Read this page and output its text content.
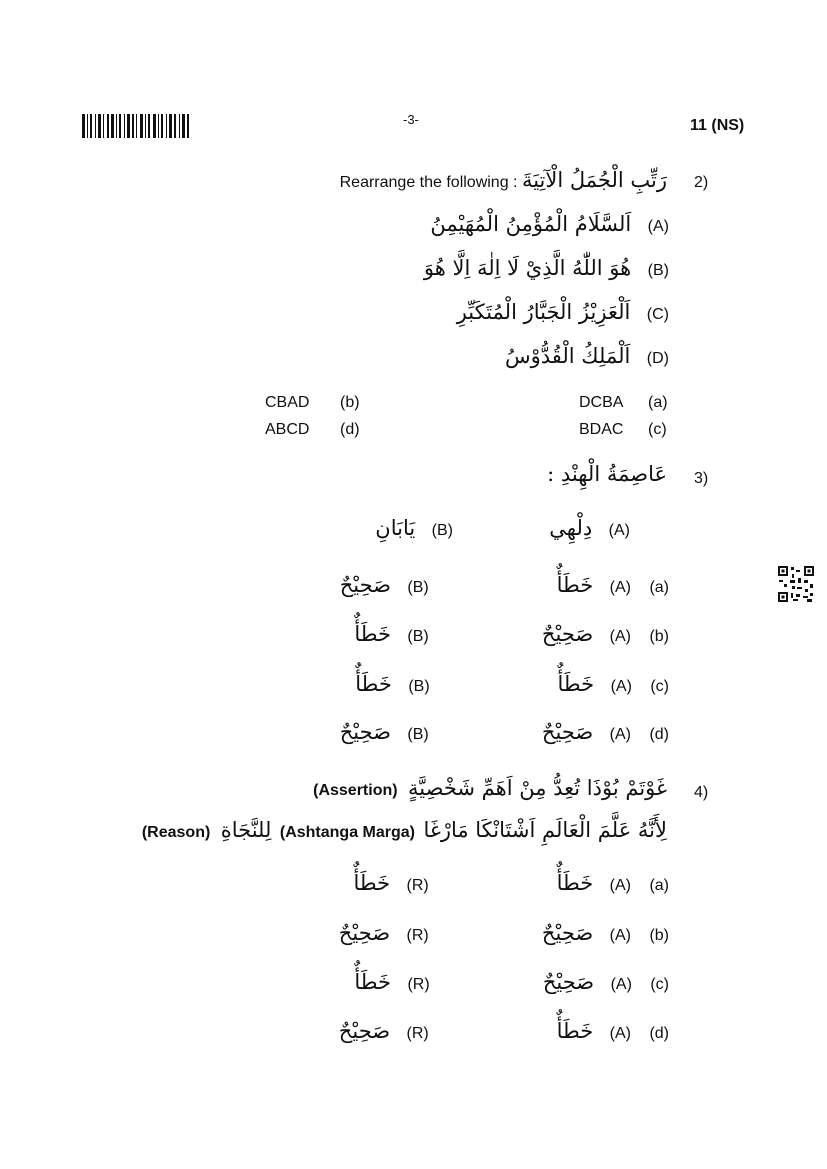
-3-	11 (NS)
2)
رَتِّبِ الْجُمَلُ الْآتِيَةَ Rearrange the following :
(A) اَلسَّلَامُ الْمُؤْمِنُ الْمُهَيْمِنُ
(B) هُوَ اللّٰهُ الَّذِيْ لَا اِلٰهَ اِلَّا هُوَ
(C) اَلْعَزِيْزُ الْجَبَّارُ الْمُتَكَبِّرِ
(D) اَلْمَلِكُ الْقُدُّوْسُ
(a)
DCBA
(b)
CBAD
(c)
BDAC
(d)
ABCD
3)
عَاصِمَةُ الْهِنْدِ :
(A) دِلْهِي
(B) يَابَانِ
(a) (A) خَطَأٌ (B) صَحِيْحٌ
(b) (A) صَحِيْحٌ (B) خَطَأٌ
(c) (A) خَطَأٌ (B) خَطَأٌ
(d) (A) صَحِيْحٌ (B) صَحِيْحٌ
4)
غَوْتَمْ بُوْذَا تُعِدُّ مِنْ اَهَمِّ شَخْصِيَّةٍ (Assertion)
لِأَنَّهُ عَلَّمَ الْعَالَمِ اَشْتَانْكَا مَارْغَا (Ashtanga Marga) لِلنَّجَاةِ (Reason)
(a) (A) خَطَأٌ (R) خَطَأٌ
(b) (A) صَحِيْحٌ (R) صَحِيْحٌ
(c) (A) صَحِيْحٌ (R) خَطَأٌ
(d) (A) خَطَأٌ (R) صَحِيْحٌ
